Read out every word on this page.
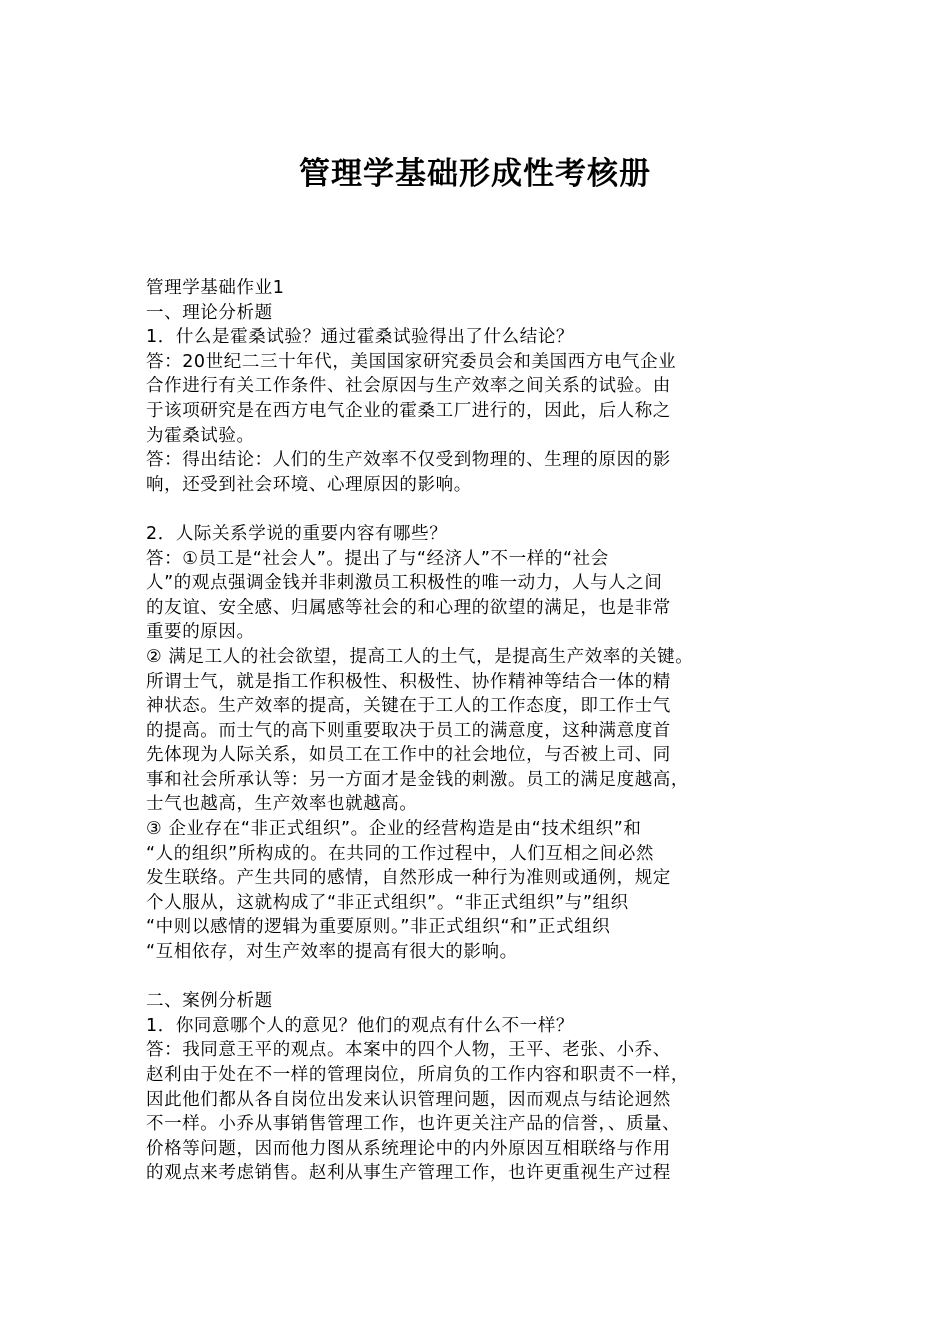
管理学基础形成性考核册
管理学基础作业1
一、理论分析题
1．什么是霍桑试验？通过霍桑试验得出了什么结论？
答：20世纪二三十年代，美国国家研究委员会和美国西方电气企业
合作进行有关工作条件、社会原因与生产效率之间关系的试验。由
于该项研究是在西方电气企业的霍桑工厂进行的，因此，后人称之
为霍桑试验。
答：得出结论：人们的生产效率不仅受到物理的、生理的原因的影
响，还受到社会环境、心理原因的影响。
2．人际关系学说的重要内容有哪些？
答：①员工是“社会人”。提出了与“经济人”不一样的“社会
人”的观点强调金钱并非刺激员工积极性的唯一动力，人与人之间
的友谊、安全感、归属感等社会的和心理的欲望的满足，也是非常
重要的原因。
② 满足工人的社会欲望，提高工人的土气，是提高生产效率的关键。
所谓士气，就是指工作积极性、积极性、协作精神等结合一体的精
神状态。生产效率的提高，关键在于工人的工作态度，即工作士气
的提高。而士气的高下则重要取决于员工的满意度，这种满意度首
先体现为人际关系，如员工在工作中的社会地位，与否被上司、同
事和社会所承认等：另一方面才是金钱的刺激。员工的满足度越高，
士气也越高，生产效率也就越高。
③ 企业存在“非正式组织”。企业的经营构造是由“技术组织”和
“人的组织”所构成的。在共同的工作过程中，人们互相之间必然
发生联络。产生共同的感情，自然形成一种行为准则或通例，规定
个人服从，这就构成了“非正式组织”。“非正式组织”与”组织
“中则以感情的逻辑为重要原则。”非正式组织“和”正式组织
“互相依存，对生产效率的提高有很大的影响。
二、案例分析题
1．你同意哪个人的意见？他们的观点有什么不一样？
答：我同意王平的观点。本案中的四个人物，王平、老张、小乔、
赵利由于处在不一样的管理岗位，所肩负的工作内容和职责不一样，
因此他们都从各自岗位出发来认识管理问题，因而观点与结论迥然
不一样。小乔从事销售管理工作，也许更关注产品的信誉，、质量、
价格等问题，因而他力图从系统理论中的内外原因互相联络与作用
的观点来考虑销售。赵利从事生产管理工作，也许更重视生产过程
